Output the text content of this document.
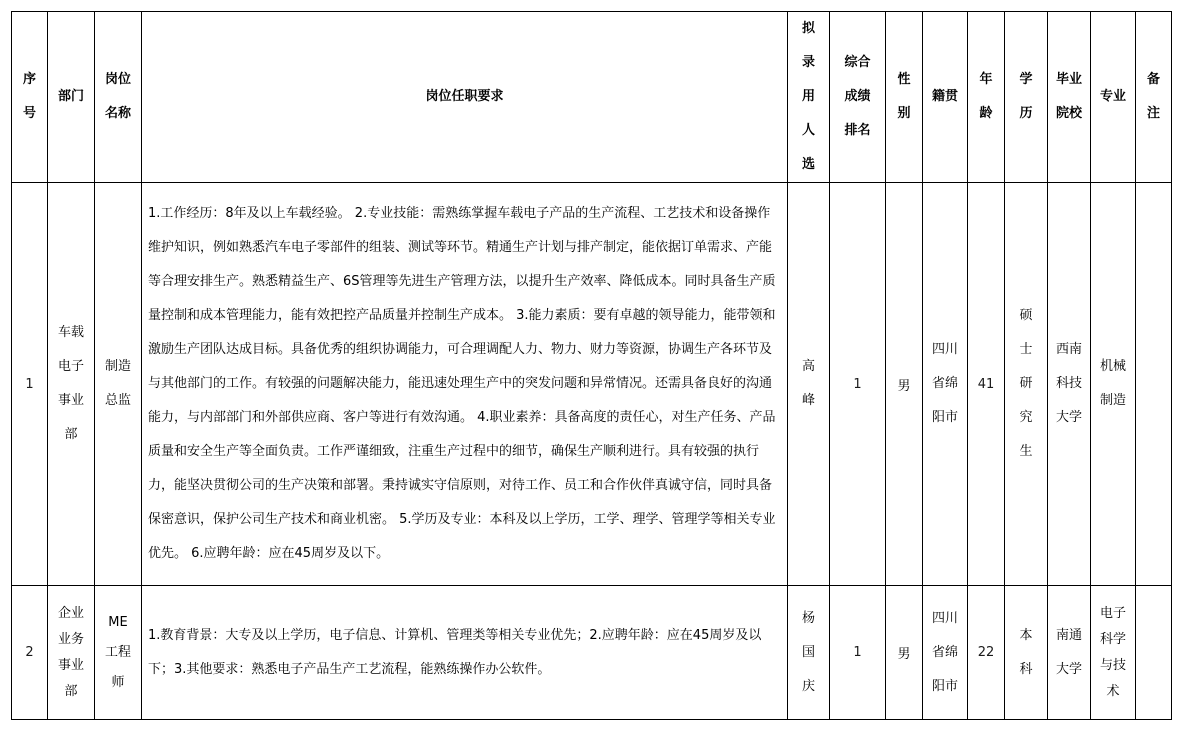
序号	部门	岗位名称	岗位任职要求	拟录用人选	综合成绩排名	性别	籍贯	年龄	学历	毕业院校	专业	备注
1	车载电子事业部	制造总监	1.工作经历：8年及以上车载经验。 2.专业技能：需熟练掌握车载电子产品的生产流程、工艺技术和设备操作维护知识，例如熟悉汽车电子零部件的组装、测试等环节。精通生产计划与排产制定，能依据订单需求、产能等合理安排生产。熟悉精益生产、6S管理等先进生产管理方法，以提升生产效率、降低成本。同时具备生产质量控制和成本管理能力，能有效把控产品质量并控制生产成本。 3.能力素质：要有卓越的领导能力，能带领和激励生产团队达成目标。具备优秀的组织协调能力，可合理调配人力、物力、财力等资源，协调生产各环节及与其他部门的工作。有较强的问题解决能力，能迅速处理生产中的突发问题和异常情况。还需具备良好的沟通能力，与内部部门和外部供应商、客户等进行有效沟通。 4.职业素养：具备高度的责任心，对生产任务、产品质量和安全生产等全面负责。工作严谨细致，注重生产过程中的细节，确保生产顺利进行。具有较强的执行力，能坚决贯彻公司的生产决策和部署。秉持诚实守信原则，对待工作、员工和合作伙伴真诚守信，同时具备保密意识，保护公司生产技术和商业机密。 5.学历及专业：本科及以上学历，工学、理学、管理学等相关专业优先。 6.应聘年龄：应在45周岁及以下。	高峰	1	男	四川省绵阳市	41	硕士研究生	西南科技大学	机械制造	
2	企业业务事业部	ME工程师	1.教育背景：大专及以上学历，电子信息、计算机、管理类等相关专业优先；2.应聘年龄：应在45周岁及以下；3.其他要求：熟悉电子产品生产工艺流程，能熟练操作办公软件。	杨国庆	1	男	四川省绵阳市	22	本科	南通大学	电子科学与技术	
